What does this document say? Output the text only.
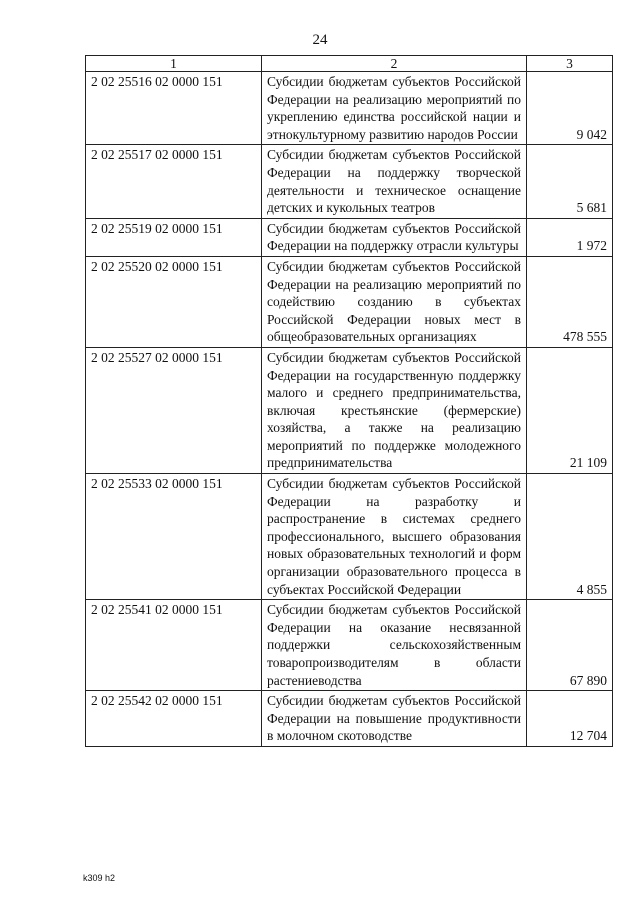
24
1	2	3
2 02 25516 02 0000 151	Субсидии бюджетам субъектов Российской Федерации на реализацию мероприятий по укреплению единства российской нации и этнокультурному развитию народов России	9 042
2 02 25517 02 0000 151	Субсидии бюджетам субъектов Российской Федерации на поддержку творческой деятельности и техническое оснащение детских и кукольных театров	5 681
2 02 25519 02 0000 151	Субсидии бюджетам субъектов Российской Федерации на поддержку отрасли культуры	1 972
2 02 25520 02 0000 151	Субсидии бюджетам субъектов Российской Федерации на реализацию мероприятий по содействию созданию в субъектах Российской Федерации новых мест в общеобразовательных организациях	478 555
2 02 25527 02 0000 151	Субсидии бюджетам субъектов Российской Федерации на государственную поддержку малого и среднего предпринимательства, включая крестьянские (фермерские) хозяйства, а также на реализацию мероприятий по поддержке молодежного предпринимательства	21 109
2 02 25533 02 0000 151	Субсидии бюджетам субъектов Российской Федерации на разработку и распространение в системах среднего профессионального, высшего образования новых образовательных технологий и форм организации образовательного процесса в субъектах Российской Федерации	4 855
2 02 25541 02 0000 151	Субсидии бюджетам субъектов Российской Федерации на оказание несвязанной поддержки сельскохозяйственным товаропроизводителям в области растениеводства	67 890
2 02 25542 02 0000 151	Субсидии бюджетам субъектов Российской Федерации на повышение продуктивности в молочном скотоводстве	12 704
k309 h2
